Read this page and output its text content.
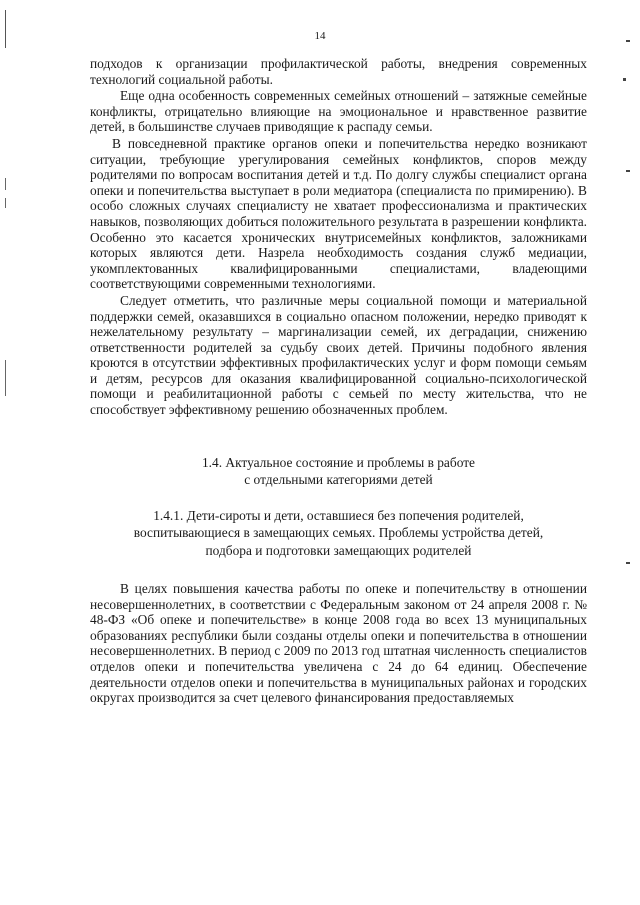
14

подходов к организации профилактической работы, внедрения современных технологий социальной работы.

Еще одна особенность современных семейных отношений – затяжные семейные конфликты, отрицательно влияющие на эмоциональное и нравственное развитие детей, в большинстве случаев приводящие к распаду семьи.

В повседневной практике органов опеки и попечительства нередко возникают ситуации, требующие урегулирования семейных конфликтов, споров между родителями по вопросам воспитания детей и т.д. По долгу службы специалист органа опеки и попечительства выступает в роли медиатора (специалиста по примирению). В особо сложных случаях специалисту не хватает профессионализма и практических навыков, позволяющих добиться положительного результата в разрешении конфликта. Особенно это касается хронических внутрисемейных конфликтов, заложниками которых являются дети. Назрела необходимость создания служб медиации, укомплектованных квалифицированными специалистами, владеющими соответствующими современными технологиями.

Следует отметить, что различные меры социальной помощи и материальной поддержки семей, оказавшихся в социально опасном положении, нередко приводят к нежелательному результату – маргинализации семей, их деградации, снижению ответственности родителей за судьбу своих детей. Причины подобного явления кроются в отсутствии эффективных профилактических услуг и форм помощи семьям и детям, ресурсов для оказания квалифицированной социально-психологической помощи и реабилитационной работы с семьей по месту жительства, что не способствует эффективному решению обозначенных проблем.

1.4. Актуальное состояние и проблемы в работе

с отдельными категориями детей

1.4.1. Дети-сироты и дети, оставшиеся без попечения родителей,

воспитывающиеся в замещающих семьях. Проблемы устройства детей,

подбора и подготовки замещающих родителей

В целях повышения качества работы по опеке и попечительству в отношении несовершеннолетних, в соответствии с Федеральным законом от 24 апреля 2008 г. № 48-ФЗ «Об опеке и попечительстве» в конце 2008 года во всех 13 муниципальных образованиях республики были созданы отделы опеки и попечительства в отношении несовершеннолетних. В период с 2009 по 2013 год штатная численность специалистов отделов опеки и попечительства увеличена с 24 до 64 единиц. Обеспечение деятельности отделов опеки и попечительства в муниципальных районах и городских округах производится за счет целевого финансирования предоставляемых
